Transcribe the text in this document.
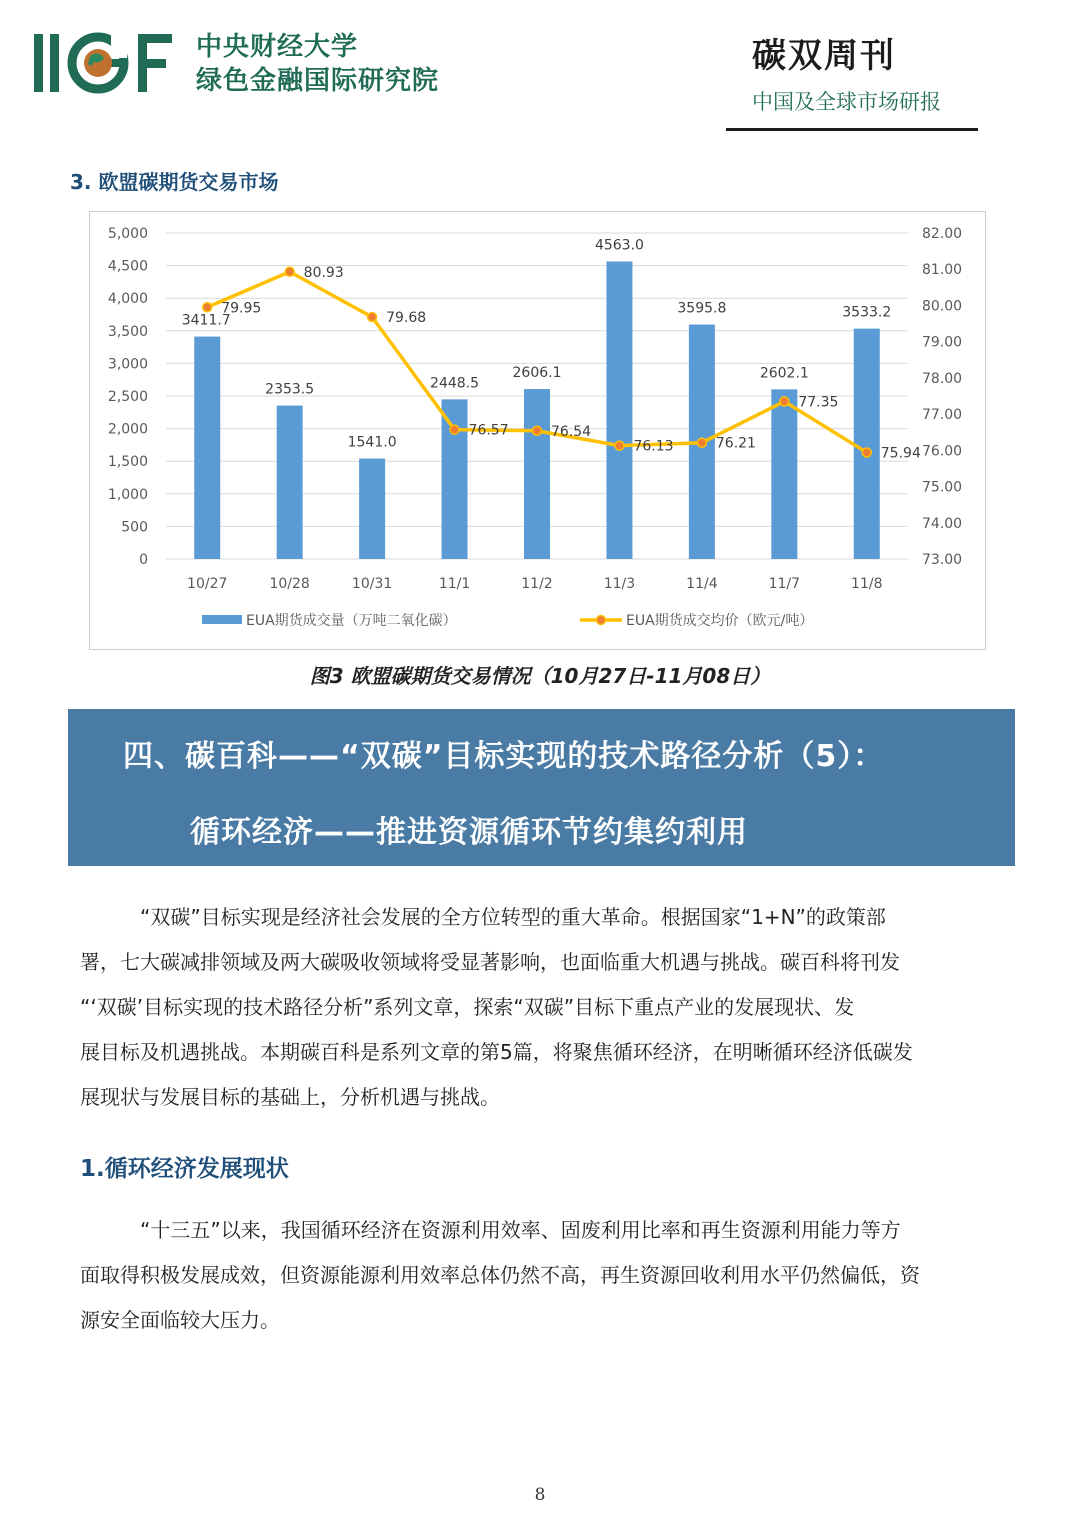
IIGF	中央财经大学
绿色金融国际研究院
碳双周刊
中国及全球市场研报
3. 欧盟碳期货交易市场
0
500
1,000
1,500
2,000
2,500
3,000
3,500
4,000
4,500
5,000
73.00
74.00
75.00
76.00
77.00
78.00
79.00
80.00
81.00
82.00
3411.7
2353.5
1541.0
2448.5
2606.1
4563.0
3595.8
2602.1
3533.2
10/27	10/28	10/31	11/1	11/2	11/3	11/4	11/7	11/8
79.95
80.93
79.68
76.57	76.54
76.13	76.21
77.35
75.94
EUA期货成交量（万吨二氧化碳）	EUA期货成交均价（欧元/吨）
图3 欧盟碳期货交易情况（10月27日-11月08日）
四、碳百科——“双碳”目标实现的技术路径分析（5）：
循环经济——推进资源循环节约集约利用
“双碳”目标实现是经济社会发展的全方位转型的重大革命。根据国家“1+N”的政策部
署，七大碳减排领域及两大碳吸收领域将受显著影响，也面临重大机遇与挑战。碳百科将刊发
“‘双碳’目标实现的技术路径分析”系列文章，探索“双碳”目标下重点产业的发展现状、发
展目标及机遇挑战。本期碳百科是系列文章的第5篇，将聚焦循环经济，在明晰循环经济低碳发
展现状与发展目标的基础上，分析机遇与挑战。
1.循环经济发展现状
“十三五”以来，我国循环经济在资源利用效率、固废利用比率和再生资源利用能力等方
面取得积极发展成效，但资源能源利用效率总体仍然不高，再生资源回收利用水平仍然偏低，资
源安全面临较大压力。
8
